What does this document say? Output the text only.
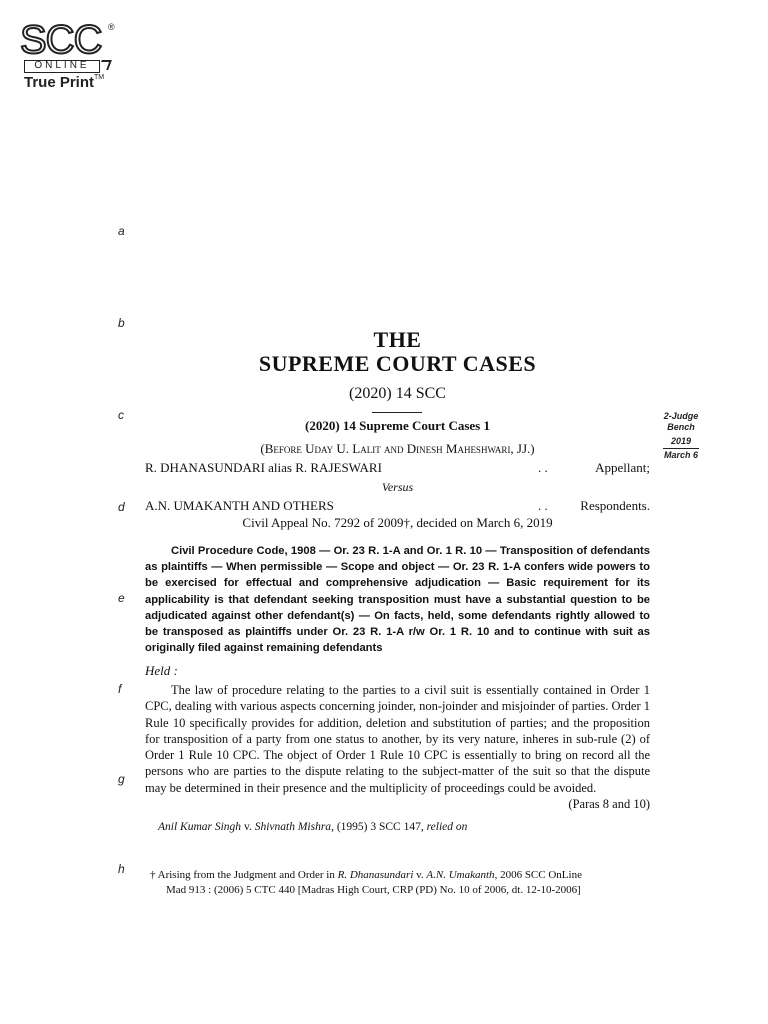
SCC ®
ONLINE
True Print™
a
b
c
d
e
f
g
h
2-Judge Bench
2019
March 6
THE
SUPREME COURT CASES
(2020) 14 SCC
(2020) 14 Supreme Court Cases 1
(Before Uday U. Lalit and Dinesh Maheshwari, JJ.)
R. DHANASUNDARI alias R. RAJESWARI	. .	Appellant;
Versus
A.N. UMAKANTH AND OTHERS	. .	Respondents.
Civil Appeal No. 7292 of 2009†, decided on March 6, 2019
Civil Procedure Code, 1908 — Or. 23 R. 1-A and Or. 1 R. 10 — Transposition of defendants as plaintiffs — When permissible — Scope and object — Or. 23 R. 1-A confers wide powers to be exercised for effectual and comprehensive adjudication — Basic requirement for its applicability is that defendant seeking transposition must have a substantial question to be adjudicated against other defendant(s) — On facts, held, some defendants rightly allowed to be transposed as plaintiffs under Or. 23 R. 1-A r/w Or. 1 R. 10 and to continue with suit as originally filed against remaining defendants
Held :
The law of procedure relating to the parties to a civil suit is essentially contained in Order 1 CPC, dealing with various aspects concerning joinder, non-joinder and misjoinder of parties. Order 1 Rule 10 specifically provides for addition, deletion and substitution of parties; and the proposition for transposition of a party from one status to another, by its very nature, inheres in sub-rule (2) of Order 1 Rule 10 CPC. The object of Order 1 Rule 10 CPC is essentially to bring on record all the persons who are parties to the dispute relating to the subject-matter of the suit so that the dispute may be determined in their presence and the multiplicity of proceedings could be avoided.
(Paras 8 and 10)
Anil Kumar Singh v. Shivnath Mishra, (1995) 3 SCC 147, relied on
† Arising from the Judgment and Order in R. Dhanasundari v. A.N. Umakanth, 2006 SCC OnLine
Mad 913 : (2006) 5 CTC 440 [Madras High Court, CRP (PD) No. 10 of 2006, dt. 12-10-2006]
